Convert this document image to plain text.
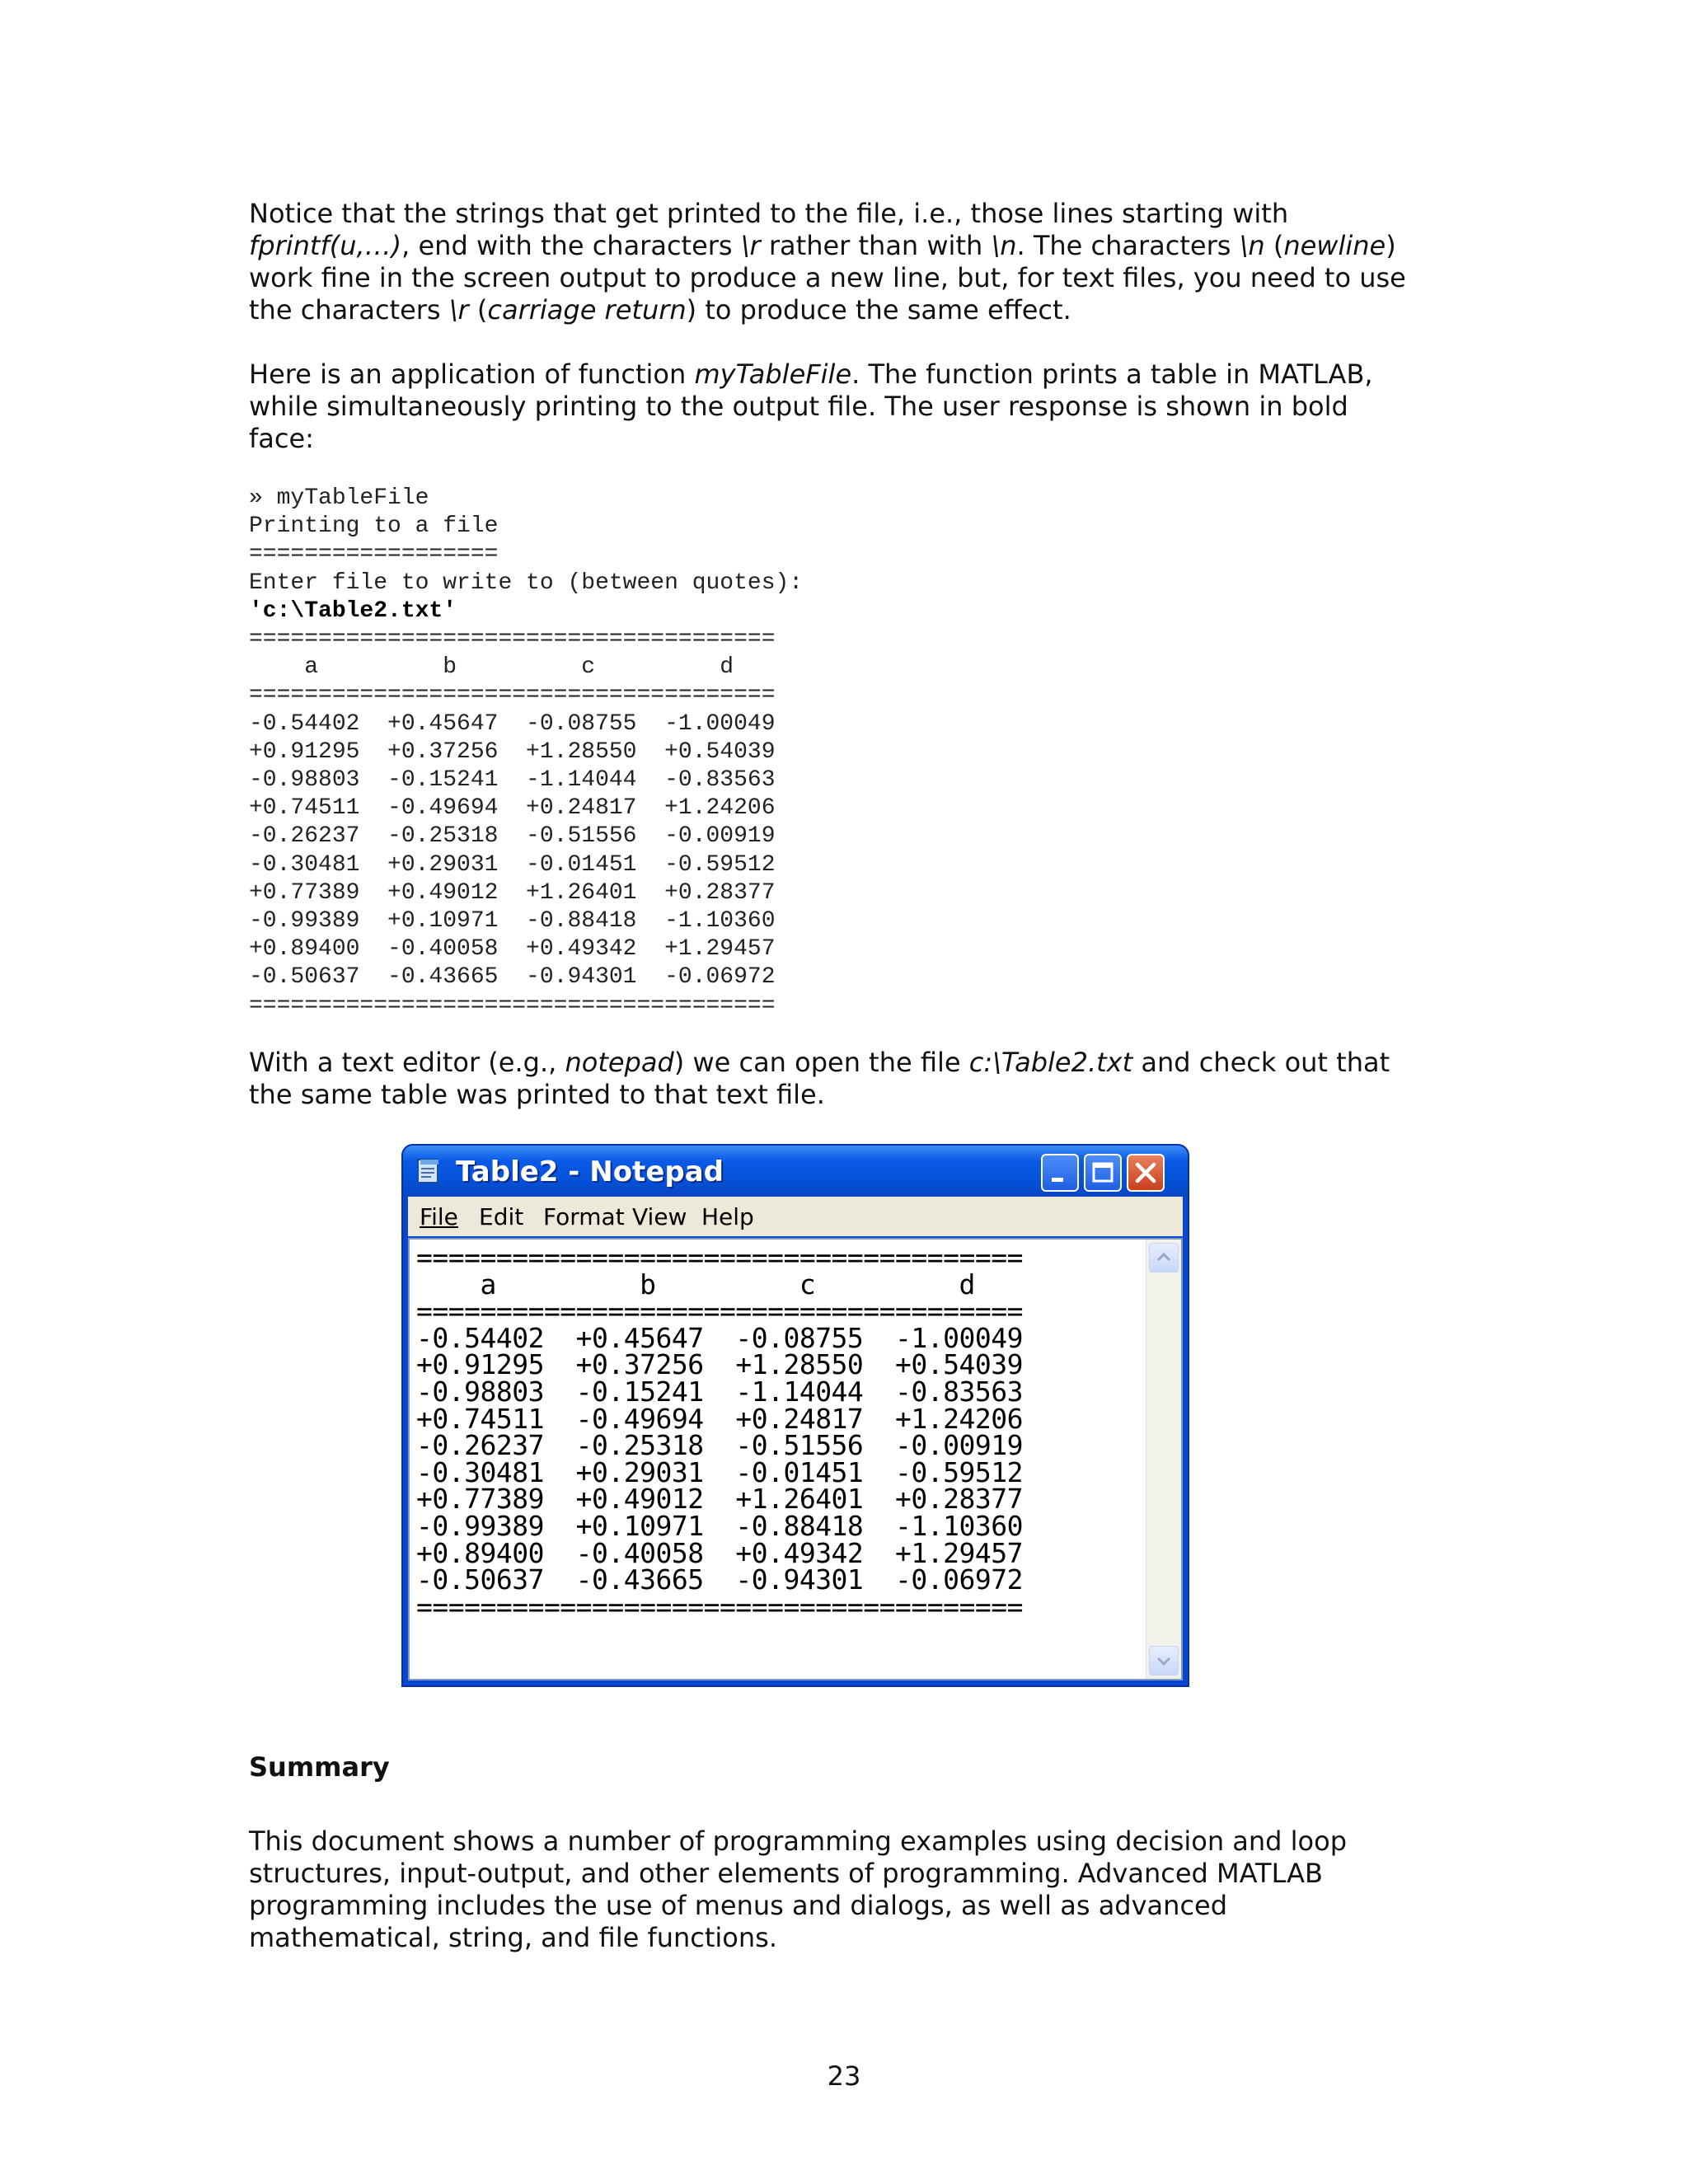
Notice that the strings that get printed to the file, i.e., those lines starting with fprintf(u,…), end with the characters \r rather than with \n. The characters \n (newline) work fine in the screen output to produce a new line, but, for text files, you need to use the characters \r (carriage return) to produce the same effect.

Here is an application of function myTableFile. The function prints a table in MATLAB, while simultaneously printing to the output file. The user response is shown in bold face:

» myTableFile
Printing to a file
==================
Enter file to write to (between quotes):
'c:\Table2.txt'
======================================
a         b         c         d
======================================
-0.54402  +0.45647  -0.08755  -1.00049
+0.91295  +0.37256  +1.28550  +0.54039
-0.98803  -0.15241  -1.14044  -0.83563
+0.74511  -0.49694  +0.24817  +1.24206
-0.26237  -0.25318  -0.51556  -0.00919
-0.30481  +0.29031  -0.01451  -0.59512
+0.77389  +0.49012  +1.26401  +0.28377
-0.99389  +0.10971  -0.88418  -1.10360
+0.89400  -0.40058  +0.49342  +1.29457
-0.50637  -0.43665  -0.94301  -0.06972
======================================

With a text editor (e.g., notepad) we can open the file c:\Table2.txt and check out that the same table was printed to that text file.

Table2 - Notepad
File Edit Format View Help
======================================
a         b         c         d
======================================
-0.54402  +0.45647  -0.08755  -1.00049
+0.91295  +0.37256  +1.28550  +0.54039
-0.98803  -0.15241  -1.14044  -0.83563
+0.74511  -0.49694  +0.24817  +1.24206
-0.26237  -0.25318  -0.51556  -0.00919
-0.30481  +0.29031  -0.01451  -0.59512
+0.77389  +0.49012  +1.26401  +0.28377
-0.99389  +0.10971  -0.88418  -1.10360
+0.89400  -0.40058  +0.49342  +1.29457
-0.50637  -0.43665  -0.94301  -0.06972
======================================
Summary

This document shows a number of programming examples using decision and loop structures, input-output, and other elements of programming. Advanced MATLAB programming includes the use of menus and dialogs, as well as advanced mathematical, string, and file functions.

23
